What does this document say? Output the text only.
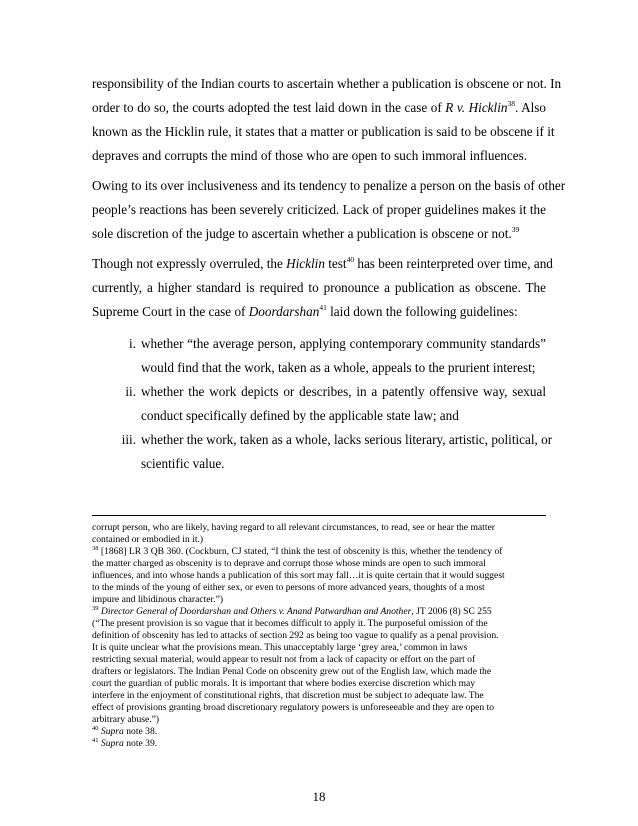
responsibility of the Indian courts to ascertain whether a publication is obscene or not. In
order to do so, the courts adopted the test laid down in the case of R v. Hicklin$^{38}$. Also
known as the Hicklin rule, it states that a matter or publication is said to be obscene if it
depraves and corrupts the mind of those who are open to such immoral influences.
Owing to its over inclusiveness and its tendency to penalize a person on the basis of other
people’s reactions has been severely criticized. Lack of proper guidelines makes it the
sole discretion of the judge to ascertain whether a publication is obscene or not.$^{39}$
Though not expressly overruled, the Hicklin test$^{40}$ has been reinterpreted over time, and
currently, a higher standard is required to pronounce a publication as obscene. The
Supreme Court in the case of Doordarshan$^{41}$ laid down the following guidelines:
i. whether “the average person, applying contemporary community standards”
would find that the work, taken as a whole, appeals to the prurient interest;
ii. whether the work depicts or describes, in a patently offensive way, sexual
conduct specifically defined by the applicable state law; and
iii. whether the work, taken as a whole, lacks serious literary, artistic, political, or
scientific value.
corrupt person, who are likely, having regard to all relevant circumstances, to read, see or hear the matter
contained or embodied in it.)
$^{38}$ [1868] LR 3 QB 360. (Cockburn, CJ stated, “I think the test of obscenity is this, whether the tendency of
the matter charged as obscenity is to deprave and corrupt those whose minds are open to such immoral
influences, and into whose hands a publication of this sort may fall…it is quite certain that it would suggest
to the minds of the young of either sex, or even to persons of more advanced years, thoughts of a most
impure and libidinous character.”)
$^{39}$ Director General of Doordarshan and Others v. Anand Patwardhan and Another, JT 2006 (8) SC 255
(“The present provision is so vague that it becomes difficult to apply it. The purposeful omission of the
definition of obscenity has led to attacks of section 292 as being too vague to qualify as a penal provision.
It is quite unclear what the provisions mean. This unacceptably large ‘grey area,’ common in laws
restricting sexual material, would appear to result not from a lack of capacity or effort on the part of
drafters or legislators. The Indian Penal Code on obscenity grew out of the English law, which made the
court the guardian of public morals. It is important that where bodies exercise discretion which may
interfere in the enjoyment of constitutional rights, that discretion must be subject to adequate law. The
effect of provisions granting broad discretionary regulatory powers is unforeseeable and they are open to
arbitrary abuse.”)
$^{40}$ Supra note 38.
$^{41}$ Supra note 39.
18
